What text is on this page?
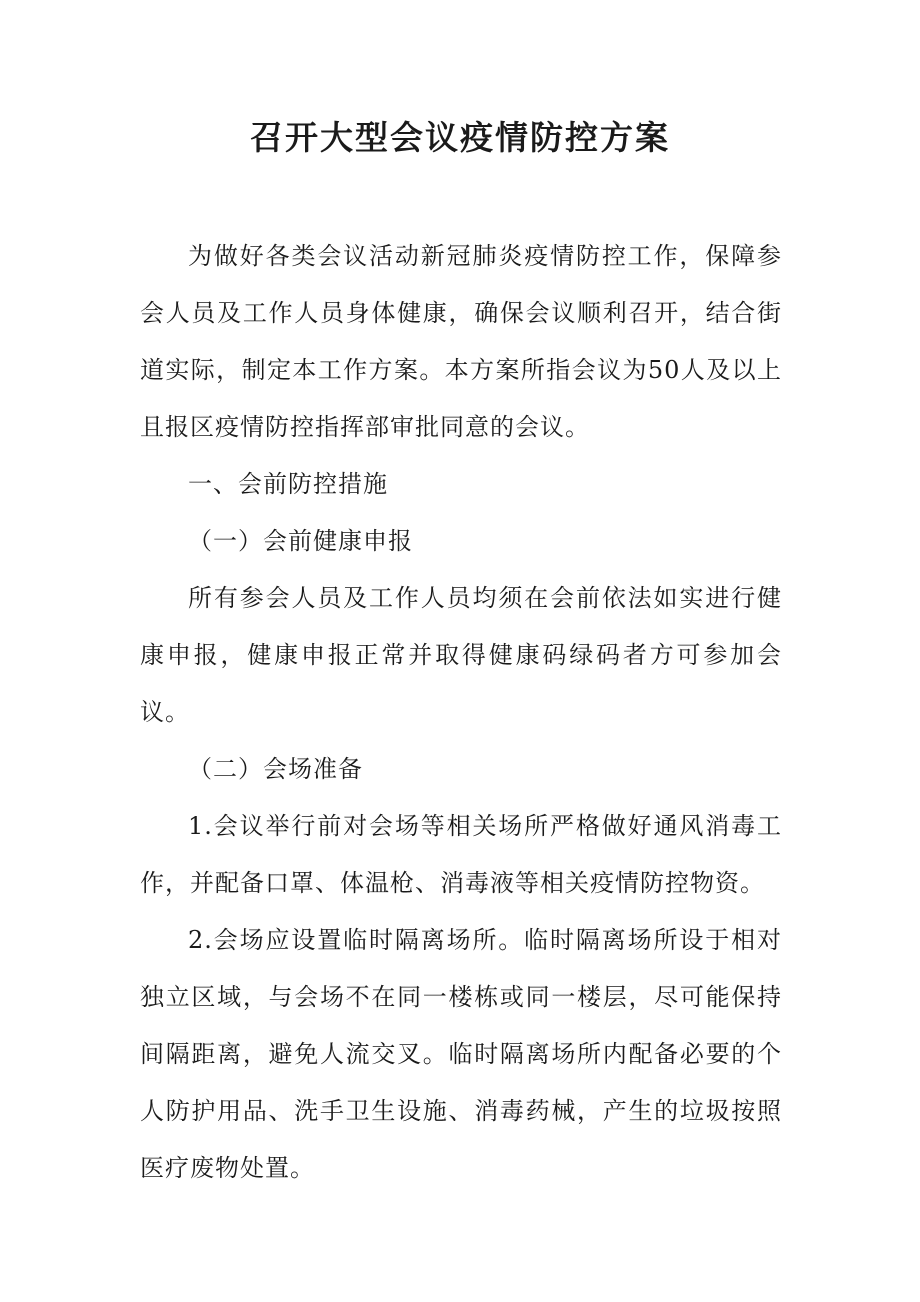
召开大型会议疫情防控方案

为做好各类会议活动新冠肺炎疫情防控工作，保障参会人员及工作人员身体健康，确保会议顺利召开，结合街道实际，制定本工作方案。本方案所指会议为50人及以上且报区疫情防控指挥部审批同意的会议。

一、会前防控措施

（一）会前健康申报

所有参会人员及工作人员均须在会前依法如实进行健康申报，健康申报正常并取得健康码绿码者方可参加会议。

（二）会场准备

1.会议举行前对会场等相关场所严格做好通风消毒工作，并配备口罩、体温枪、消毒液等相关疫情防控物资。

2.会场应设置临时隔离场所。临时隔离场所设于相对独立区域，与会场不在同一楼栋或同一楼层，尽可能保持间隔距离，避免人流交叉。临时隔离场所内配备必要的个人防护用品、洗手卫生设施、消毒药械，产生的垃圾按照医疗废物处置。
